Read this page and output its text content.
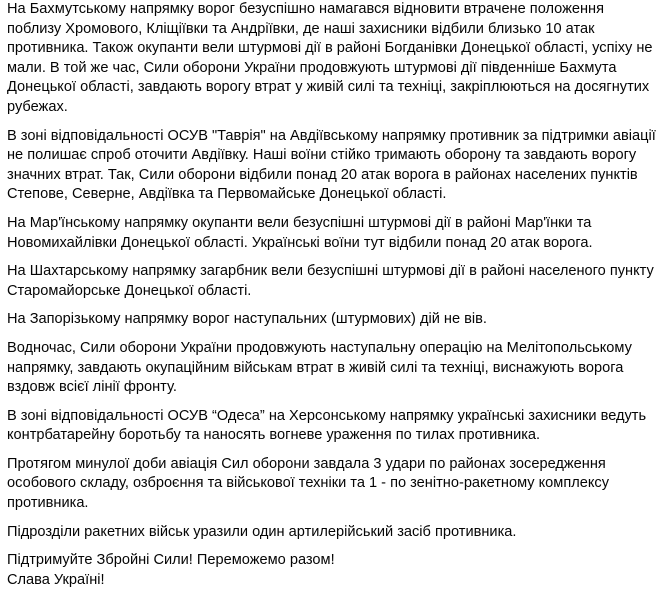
На Бахмутському напрямку ворог безуспішно намагався відновити втрачене положення поблизу Хромового, Кліщіївки та Андріївки, де наші захисники відбили близько 10 атак противника. Також окупанти вели штурмові дії в районі Богданівки Донецької області, успіху не мали. В той же час, Сили оборони України продовжують штурмові дії південніше Бахмута Донецької області, завдають ворогу втрат у живій силі та техніці, закріплюються на досягнутих рубежах.

В зоні відповідальності ОСУВ "Таврія" на Авдіївському напрямку противник за підтримки авіації не полишає спроб оточити Авдіївку. Наші воїни стійко тримають оборону та завдають ворогу значних втрат. Так, Сили оборони відбили понад 20 атак ворога в районах населених пунктів Степове, Северне, Авдіївка та Первомайське Донецької області.

На Мар'їнському напрямку окупанти вели безуспішні штурмові дії в районі Мар'їнки та Новомихайлівки Донецької області. Українські воїни тут відбили понад 20 атак ворога.

На Шахтарському напрямку загарбник вели безуспішні штурмові дії в районі населеного пункту Старомайорське Донецької області.

На Запорізькому напрямку ворог наступальних (штурмових) дій не вів.

Водночас, Сили оборони України продовжують наступальну операцію на Мелітопольському напрямку, завдають окупаційним військам втрат в живій силі та техніці, виснажують ворога вздовж всієї лінії фронту.

В зоні відповідальності ОСУВ “Одеса” на Херсонському напрямку українські захисники ведуть контрбатарейну боротьбу та наносять вогневе ураження по тилах противника.

Протягом минулої доби авіація Сил оборони завдала 3 удари по районах зосередження особового складу, озброєння та військової техніки та 1 - по зенітно-ракетному комплексу противника.

Підрозділи ракетних військ уразили один артилерійський засіб противника.

Підтримуйте Збройні Сили! Переможемо разом!
Слава Україні!
